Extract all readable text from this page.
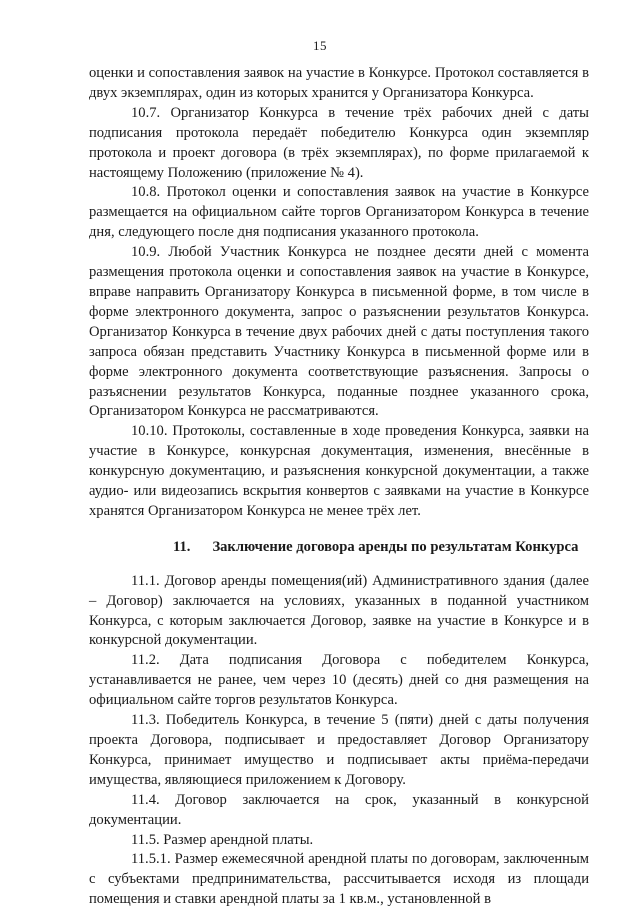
15

оценки и сопоставления заявок на участие в Конкурсе. Протокол составляется в двух экземплярах, один из которых хранится у Организатора Конкурса.

10.7. Организатор Конкурса в течение трёх рабочих дней с даты подписания протокола передаёт победителю Конкурса один экземпляр протокола и проект договора (в трёх экземплярах), по форме прилагаемой к настоящему Положению (приложение № 4).

10.8. Протокол оценки и сопоставления заявок на участие в Конкурсе размещается на официальном сайте торгов Организатором Конкурса в течение дня, следующего после дня подписания указанного протокола.

10.9. Любой Участник Конкурса не позднее десяти дней с момента размещения протокола оценки и сопоставления заявок на участие в Конкурсе, вправе направить Организатору Конкурса в письменной форме, в том числе в форме электронного документа, запрос о разъяснении результатов Конкурса. Организатор Конкурса в течение двух рабочих дней с даты поступления такого запроса обязан представить Участнику Конкурса в письменной форме или в форме электронного документа соответствующие разъяснения. Запросы о разъяснении результатов Конкурса, поданные позднее указанного срока, Организатором Конкурса не рассматриваются.

10.10. Протоколы, составленные в ходе проведения Конкурса, заявки на участие в Конкурсе, конкурсная документация, изменения, внесённые в конкурсную документацию, и разъяснения конкурсной документации, а также аудио- или видеозапись вскрытия конвертов с заявками на участие в Конкурсе хранятся Организатором Конкурса не менее трёх лет.

11. Заключение договора аренды по результатам Конкурса

11.1. Договор аренды помещения(ий) Административного здания (далее – Договор) заключается на условиях, указанных в поданной участником Конкурса, с которым заключается Договор, заявке на участие в Конкурсе и в конкурсной документации.

11.2. Дата подписания Договора с победителем Конкурса, устанавливается не ранее, чем через 10 (десять) дней со дня размещения на официальном сайте торгов результатов Конкурса.

11.3. Победитель Конкурса, в течение 5 (пяти) дней с даты получения проекта Договора, подписывает и предоставляет Договор Организатору Конкурса, принимает имущество и подписывает акты приёма-передачи имущества, являющиеся приложением к Договору.

11.4. Договор заключается на срок, указанный в конкурсной документации.

11.5. Размер арендной платы.

11.5.1. Размер ежемесячной арендной платы по договорам, заключенным с субъектами предпринимательства, рассчитывается исходя из площади помещения и ставки арендной платы за 1 кв.м., установленной в
